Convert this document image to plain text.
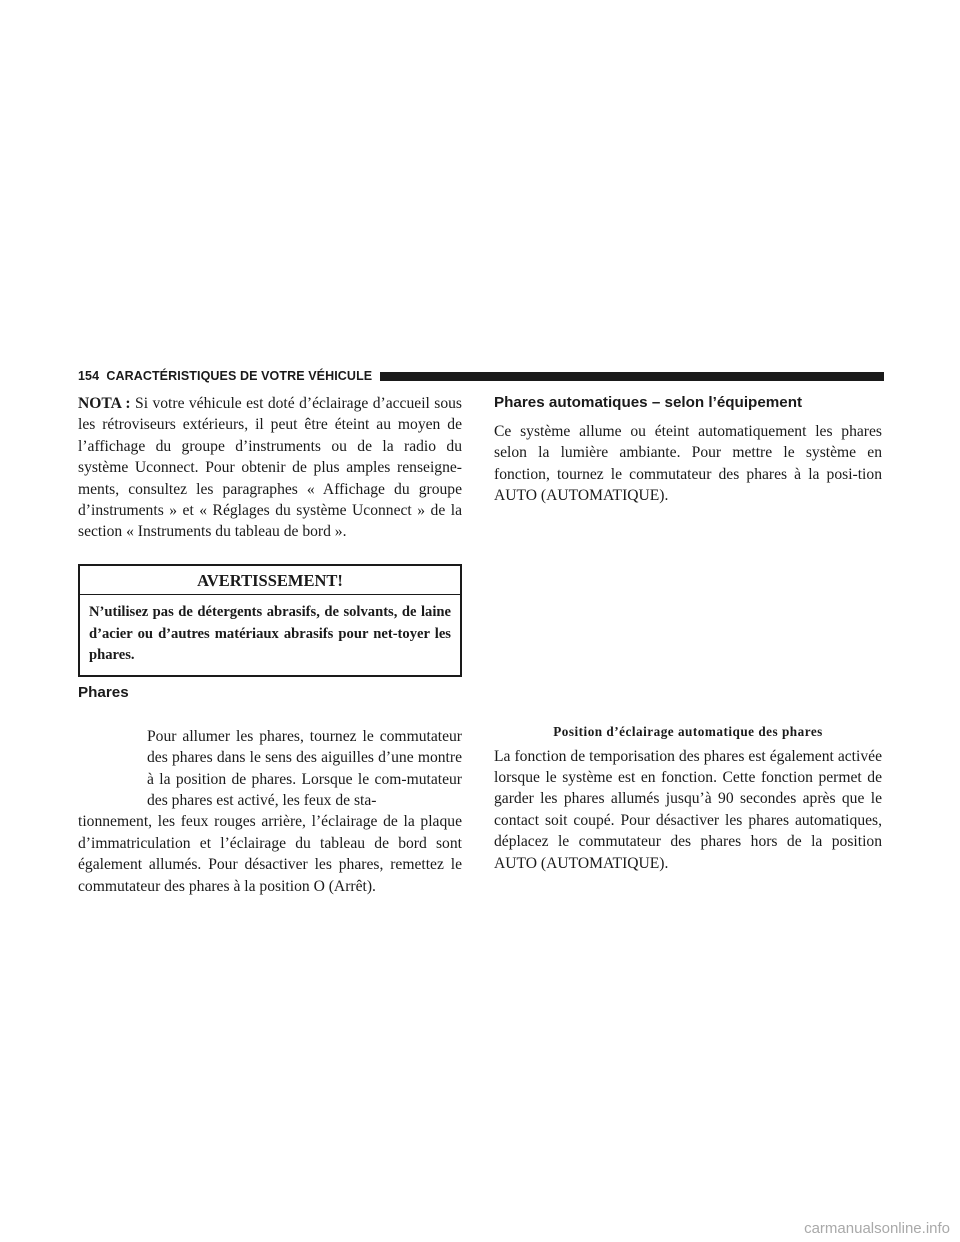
154 CARACTÉRISTIQUES DE VOTRE VÉHICULE

NOTA : Si votre véhicule est doté d’éclairage d’accueil sous les rétroviseurs extérieurs, il peut être éteint au moyen de l’affichage du groupe d’instruments ou de la radio du système Uconnect. Pour obtenir de plus amples renseigne-ments, consultez les paragraphes « Affichage du groupe d’instruments » et « Réglages du système Uconnect » de la section « Instruments du tableau de bord ».

AVERTISSEMENT!
N’utilisez pas de détergents abrasifs, de solvants, de laine d’acier ou d’autres matériaux abrasifs pour net-toyer les phares.
Phares
Pour allumer les phares, tournez le commutateur des phares dans le sens des aiguilles d’une montre à la position de phares. Lorsque le com-mutateur des phares est activé, les feux de sta-
tionnement, les feux rouges arrière, l’éclairage de la plaque d’immatriculation et l’éclairage du tableau de bord sont également allumés. Pour désactiver les phares, remettez le commutateur des phares à la position O (Arrêt).
Phares automatiques – selon l’équipement

Ce système allume ou éteint automatiquement les phares selon la lumière ambiante. Pour mettre le système en fonction, tournez le commutateur des phares à la posi-tion AUTO (AUTOMATIQUE).

Position d’éclairage automatique des phares

La fonction de temporisation des phares est également activée lorsque le système est en fonction. Cette fonction permet de garder les phares allumés jusqu’à 90 secondes après que le contact soit coupé. Pour désactiver les phares automatiques, déplacez le commutateur des phares hors de la position AUTO (AUTOMATIQUE).

carmanualsonline.info
